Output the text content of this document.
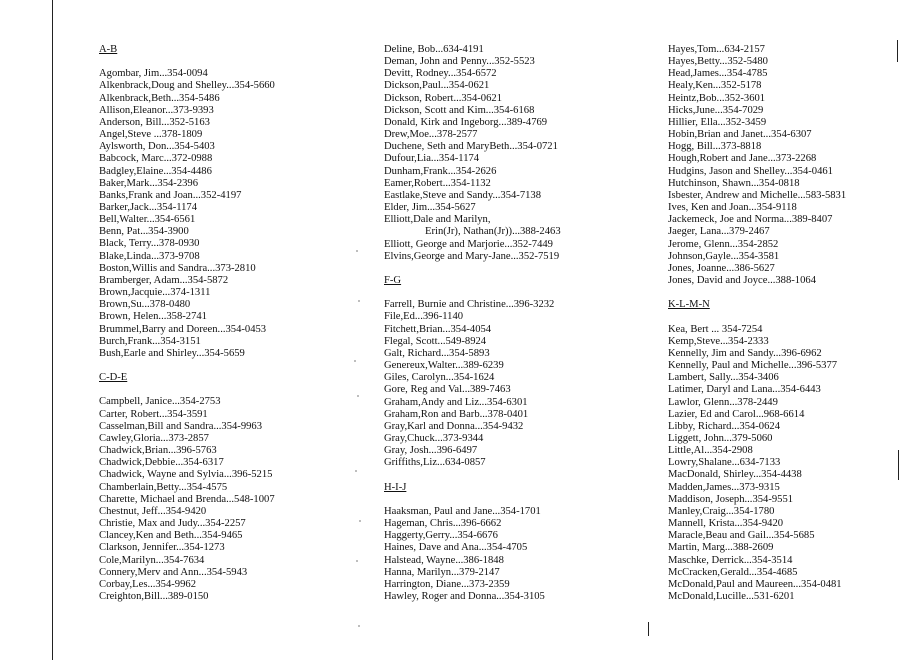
A-B
Agombar, Jim...354-0094
Alkenbrack,Doug and Shelley...354-5660
Alkenbrack,Beth...354-5486
Allison,Eleanor...373-9393
Anderson, Bill...352-5163
Angel,Steve ...378-1809
Aylsworth, Don...354-5403
Babcock, Marc...372-0988
Badgley,Elaine...354-4486
Baker,Mark...354-2396
Banks,Frank and Joan...352-4197
Barker,Jack...354-1174
Bell,Walter...354-6561
Benn, Pat...354-3900
Black, Terry...378-0930
Blake,Linda...373-9708
Boston,Willis and Sandra...373-2810
Bramberger, Adam...354-5872
Brown,Jacquie...374-1311
Brown,Su...378-0480
Brown, Helen...358-2741
Brummel,Barry and Doreen...354-0453
Burch,Frank...354-3151
Bush,Earle and Shirley...354-5659
C-D-E
Campbell, Janice...354-2753
Carter, Robert...354-3591
Casselman,Bill and Sandra...354-9963
Cawley,Gloria...373-2857
Chadwick,Brian...396-5763
Chadwick,Debbie...354-6317
Chadwick, Wayne and Sylvia...396-5215
Chamberlain,Betty...354-4575
Charette, Michael and Brenda...548-1007
Chestnut, Jeff...354-9420
Christie, Max and Judy...354-2257
Clancey,Ken and Beth...354-9465
Clarkson, Jennifer...354-1273
Cole,Marilyn...354-7634
Connery,Merv and Ann...354-5943
Corbay,Les...354-9962
Creighton,Bill...389-0150
Deline, Bob...634-4191
Deman, John and Penny...352-5523
Devitt, Rodney...354-6572
Dickson,Paul...354-0621
Dickson, Robert...354-0621
Dickson, Scott and Kim...354-6168
Donald, Kirk and Ingeborg...389-4769
Drew,Moe...378-2577
Duchene, Seth and MaryBeth...354-0721
Dufour,Lia...354-1174
Dunham,Frank...354-2626
Eamer,Robert...354-1132
Eastlake,Steve and Sandy...354-7138
Elder, Jim...354-5627
Elliott,Dale and Marilyn,
Erin(Jr), Nathan(Jr))...388-2463
Elliott, George and Marjorie...352-7449
Elvins,George and Mary-Jane...352-7519
F-G
Farrell, Burnie and Christine...396-3232
File,Ed...396-1140
Fitchett,Brian...354-4054
Flegal, Scott...549-8924
Galt, Richard...354-5893
Genereux,Walter...389-6239
Giles, Carolyn...354-1624
Gore, Reg and Val...389-7463
Graham,Andy and Liz...354-6301
Graham,Ron and Barb...378-0401
Gray,Karl and Donna...354-9432
Gray,Chuck...373-9344
Gray, Josh...396-6497
Griffiths,Liz...634-0857
H-I-J
Haaksman, Paul and Jane...354-1701
Hageman, Chris...396-6662
Haggerty,Gerry...354-6676
Haines, Dave and Ana...354-4705
Halstead, Wayne...386-1848
Hanna, Marilyn...379-2147
Harrington, Diane...373-2359
Hawley, Roger and Donna...354-3105
Hayes,Tom...634-2157
Hayes,Betty...352-5480
Head,James...354-4785
Healy,Ken...352-5178
Heintz,Bob...352-3601
Hicks,June...354-7029
Hillier, Ella...352-3459
Hobin,Brian and Janet...354-6307
Hogg, Bill...373-8818
Hough,Robert and Jane...373-2268
Hudgins, Jason and Shelley...354-0461
Hutchinson, Shawn...354-0818
Isbester, Andrew and Michelle...583-5831
Ives, Ken and Joan...354-9118
Jackemeck, Joe and Norma...389-8407
Jaeger, Lana...379-2467
Jerome, Glenn...354-2852
Johnson,Gayle...354-3581
Jones, Joanne...386-5627
Jones, David and Joyce...388-1064
K-L-M-N
Kea, Bert ... 354-7254
Kemp,Steve...354-2333
Kennelly, Jim and Sandy...396-6962
Kennelly, Paul and Michelle...396-5377
Lambert, Sally...354-3406
Latimer, Daryl and Lana...354-6443
Lawlor, Glenn...378-2449
Lazier, Ed and Carol...968-6614
Libby, Richard...354-0624
Liggett, John...379-5060
Little,Al...354-2908
Lowry,Shalane...634-7133
MacDonald, Shirley...354-4438
Madden,James...373-9315
Maddison, Joseph...354-9551
Manley,Craig...354-1780
Mannell, Krista...354-9420
Maracle,Beau and Gail...354-5685
Martin, Marg...388-2609
Maschke, Derrick...354-3514
McCracken,Gerald...354-4685
McDonald,Paul and Maureen...354-0481
McDonald,Lucille...531-6201
